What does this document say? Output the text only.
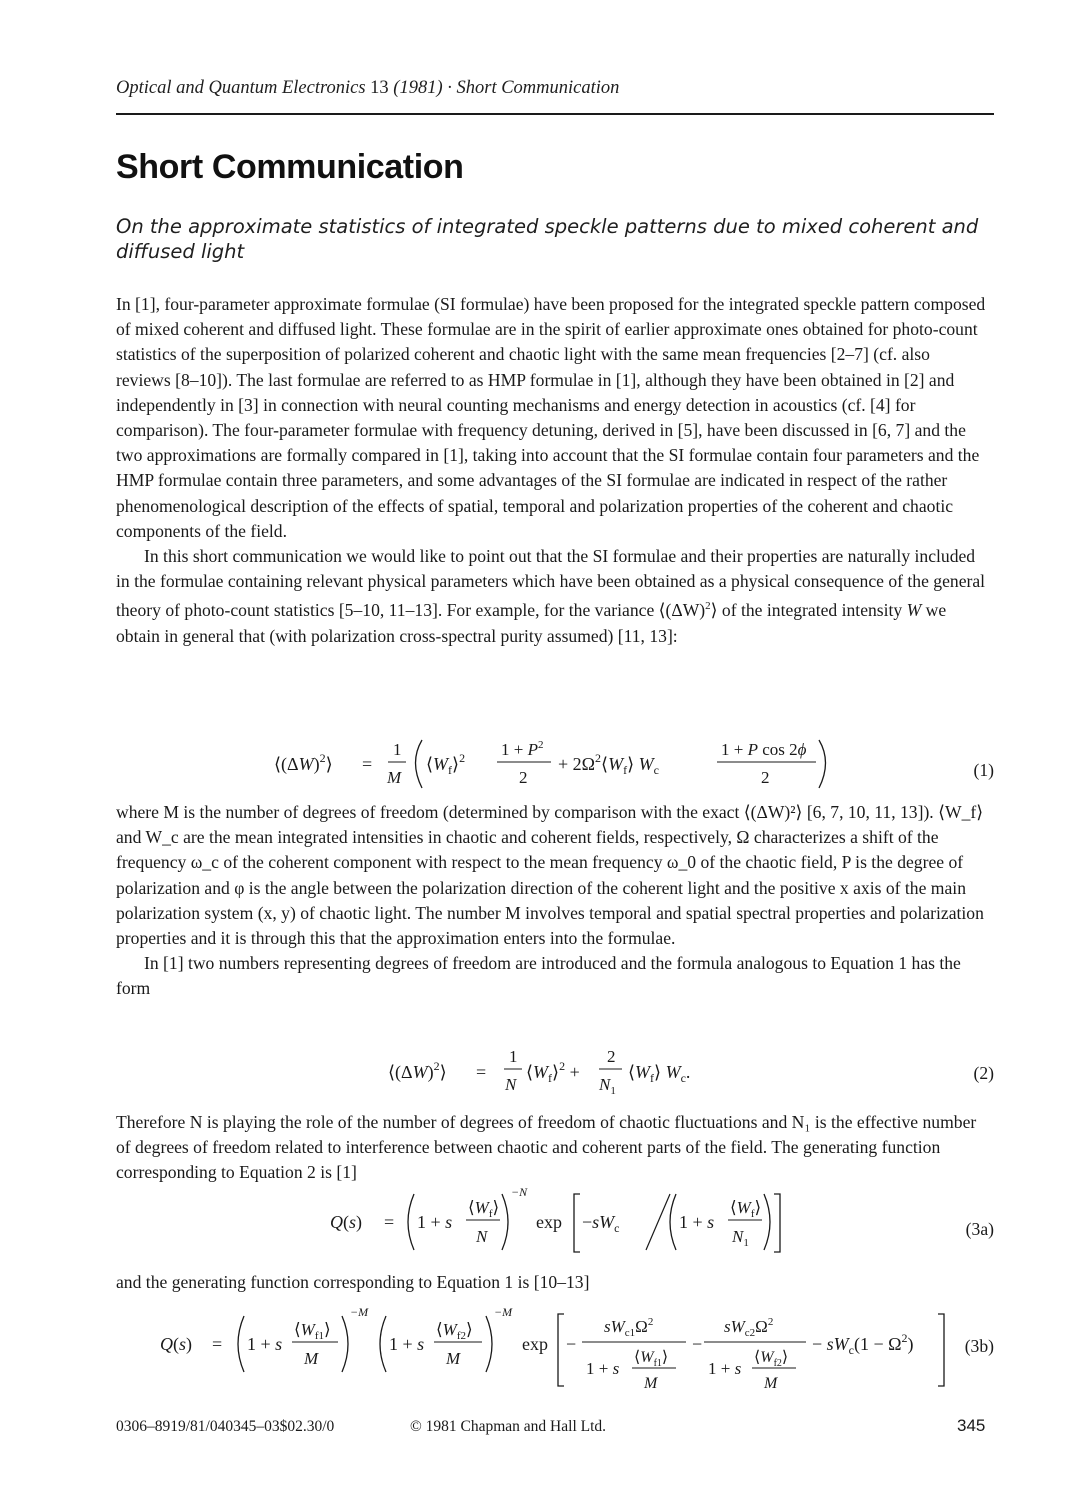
Optical and Quantum Electronics 13 (1981) · Short Communication
Short Communication
On the approximate statistics of integrated speckle patterns due to mixed coherent and diffused light

In [1], four-parameter approximate formulae (SI formulae) have been proposed for the integrated speckle pattern composed of mixed coherent and diffused light. These formulae are in the spirit of earlier approximate ones obtained for photo-count statistics of the superposition of polarized coherent and chaotic light with the same mean frequencies [2–7] (cf. also reviews [8–10]). The last formulae are referred to as HMP formulae in [1], although they have been obtained in [2] and independently in [3] in connection with neural counting mechanisms and energy detection in acoustics (cf. [4] for comparison). The four-parameter formulae with frequency detuning, derived in [5], have been discussed in [6, 7] and the two approximations are formally compared in [1], taking into account that the SI formulae contain four parameters and the HMP formulae contain three parameters, and some advantages of the SI formulae are indicated in respect of the rather phenomenological description of the effects of spatial, temporal and polarization properties of the coherent and chaotic components of the field.

In this short communication we would like to point out that the SI formulae and their properties are naturally included in the formulae containing relevant physical parameters which have been obtained as a physical consequence of the general theory of photo-count statistics [5–10, 11–13]. For example, for the variance $⟨(\Delta W)^2⟩$ of the integrated intensity W we obtain in general that (with polarization cross-spectral purity assumed) [11, 13]:

$⟨(\Delta W)^2⟩$ =
1
M
$⟨W_f⟩^2$ $1 + P^2$
2
+ $2\Omega^2⟨W_f⟩$ $W_c$
1 + P cos 2ϕ
2	(1)

where M is the number of degrees of freedom (determined by comparison with the exact ⟨(ΔW)²⟩ [6, 7, 10, 11, 13]). ⟨W_f⟩ and W_c are the mean integrated intensities in chaotic and coherent fields, respectively, Ω characterizes a shift of the frequency ω_c of the coherent component with respect to the mean frequency ω_0 of the chaotic field, P is the degree of polarization and φ is the angle between the polarization direction of the coherent light and the positive x axis of the main polarization system (x, y) of chaotic light. The number M involves temporal and spatial spectral properties and polarization properties and it is through this that the approximation enters into the formulae.

In [1] two numbers representing degrees of freedom are introduced and the formula analogous to Equation 1 has the form

$⟨(\Delta W)^2⟩$ =
1
N
$⟨W_f⟩^2$ +
2
$N_1$
$⟨W_f⟩$ $W_c$.	(2)

Therefore N is playing the role of the number of degrees of freedom of chaotic fluctuations and N₁ is the effective number of degrees of freedom related to interference between chaotic and coherent parts of the field. The generating function corresponding to Equation 2 is [1]

Q(s) = 1 + s
$⟨W_f⟩$
N
−N
$\exp -sW_c$	1 + s
$⟨W_f⟩$
$N_1$
(3a)

and the generating function corresponding to Equation 1 is [10–13]

Q(s) = 1 + s
$⟨W_{f1}⟩$
M
−M
1 + s
$⟨W_{f2}⟩$
M
−M
exp −
$sW_{c1}\Omega^2$
$⟨W_{f1}⟩$
1 + s
M
−
$sW_{c2}\Omega^2$
$⟨W_{f2}⟩$
1 + s
M
− $sW_c(1 - \Omega^2)$	(3b)
0306–8919/81/040345–03$02.30/0	© 1981 Chapman and Hall Ltd.	345
